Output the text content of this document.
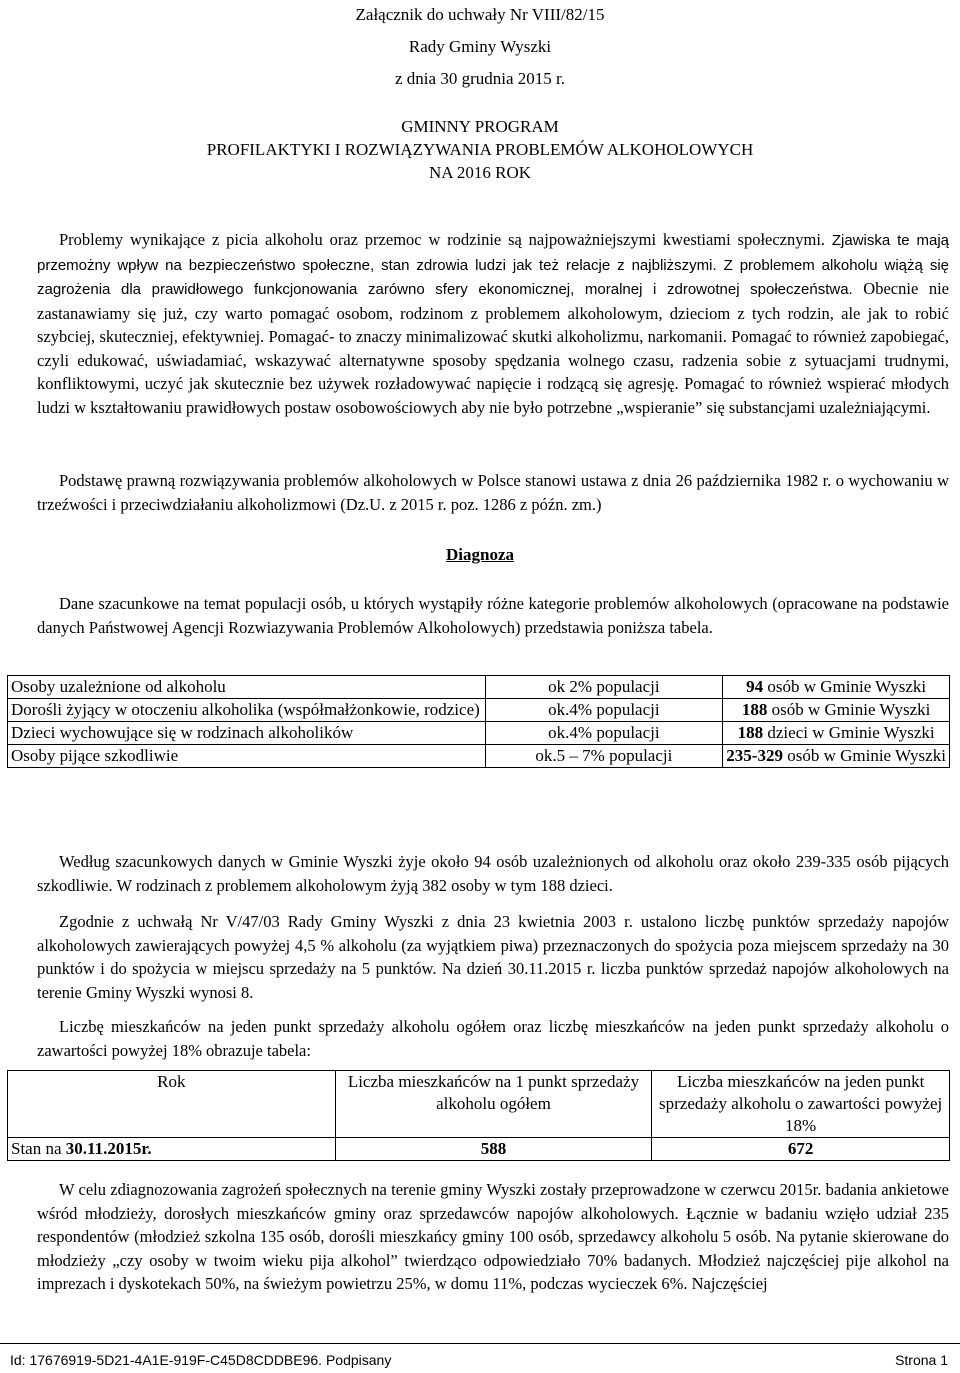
Załącznik do uchwały Nr VIII/82/15
Rady Gminy Wyszki
z dnia 30 grudnia 2015 r.
GMINNY PROGRAM
PROFILAKTYKI I ROZWIĄZYWANIA PROBLEMÓW ALKOHOLOWYCH
NA 2016 ROK

Problemy wynikające z picia alkoholu oraz przemoc w rodzinie są najpoważniejszymi kwestiami społecznymi. Zjawiska te mają przemożny wpływ na bezpieczeństwo społeczne, stan zdrowia ludzi jak też relacje z najbliższymi. Z problemem alkoholu wiążą się zagrożenia dla prawidłowego funkcjonowania zarówno sfery ekonomicznej, moralnej i zdrowotnej społeczeństwa. Obecnie nie zastanawiamy się już, czy warto pomagać osobom, rodzinom z problemem alkoholowym, dzieciom z tych rodzin, ale jak to robić szybciej, skuteczniej, efektywniej. Pomagać- to znaczy minimalizować skutki alkoholizmu, narkomanii. Pomagać to również zapobiegać, czyli edukować, uświadamiać, wskazywać alternatywne sposoby spędzania wolnego czasu, radzenia sobie z sytuacjami trudnymi, konfliktowymi, uczyć jak skutecznie bez używek rozładowywać napięcie i rodzącą się agresję. Pomagać to również wspierać młodych ludzi w kształtowaniu prawidłowych postaw osobowościowych aby nie było potrzebne „wspieranie” się substancjami uzależniającymi.

Podstawę prawną rozwiązywania problemów alkoholowych w Polsce stanowi ustawa z dnia 26 października 1982 r. o wychowaniu w trzeźwości i przeciwdziałaniu alkoholizmowi (Dz.U. z 2015 r. poz. 1286 z późn. zm.)

Diagnoza

Dane szacunkowe na temat populacji osób, u których wystąpiły różne kategorie problemów alkoholowych (opracowane na podstawie danych Państwowej Agencji Rozwiazywania Problemów Alkoholowych) przedstawia poniższa tabela.

Osoby uzależnione od alkoholu	ok 2% populacji	94 osób w Gminie Wyszki
Dorośli żyjący w otoczeniu alkoholika (współmałżonkowie, rodzice)	ok.4% populacji	188 osób w Gminie Wyszki
Dzieci wychowujące się w rodzinach alkoholików	ok.4% populacji	188 dzieci w Gminie Wyszki
Osoby pijące szkodliwie	ok.5 – 7% populacji	235-329 osób w Gminie Wyszki

Według szacunkowych danych w Gminie Wyszki żyje około 94 osób uzależnionych od alkoholu oraz około 239-335 osób pijących szkodliwie. W rodzinach z problemem alkoholowym żyją 382 osoby w tym 188 dzieci.

Zgodnie z uchwałą Nr V/47/03 Rady Gminy Wyszki z dnia 23 kwietnia 2003 r. ustalono liczbę punktów sprzedaży napojów alkoholowych zawierających powyżej 4,5 % alkoholu (za wyjątkiem piwa) przeznaczonych do spożycia poza miejscem sprzedaży na 30 punktów i do spożycia w miejscu sprzedaży na 5 punktów. Na dzień 30.11.2015 r. liczba punktów sprzedaż napojów alkoholowych na terenie Gminy Wyszki wynosi 8.

Liczbę mieszkańców na jeden punkt sprzedaży alkoholu ogółem oraz liczbę mieszkańców na jeden punkt sprzedaży alkoholu o zawartości powyżej 18% obrazuje tabela:

Rok	Liczba mieszkańców na 1 punkt sprzedaży alkoholu ogółem	Liczba mieszkańców na jeden punkt sprzedaży alkoholu o zawartości powyżej 18%
Stan na 30.11.2015r.	588	672

W celu zdiagnozowania zagrożeń społecznych na terenie gminy Wyszki zostały przeprowadzone w czerwcu 2015r. badania ankietowe wśród młodzieży, dorosłych mieszkańców gminy oraz sprzedawców napojów alkoholowych. Łącznie w badaniu wzięło udział 235 respondentów (młodzież szkolna 135 osób, dorośli mieszkańcy gminy 100 osób, sprzedawcy alkoholu 5 osób. Na pytanie skierowane do młodzieży „czy osoby w twoim wieku pija alkohol” twierdząco odpowiedziało 70% badanych. Młodzież najczęściej pije alkohol na imprezach i dyskotekach 50%, na świeżym powietrzu 25%, w domu 11%, podczas wycieczek 6%. Najczęściej

Id: 17676919-5D21-4A1E-919F-C45D8CDDBE96. Podpisany	Strona 1
